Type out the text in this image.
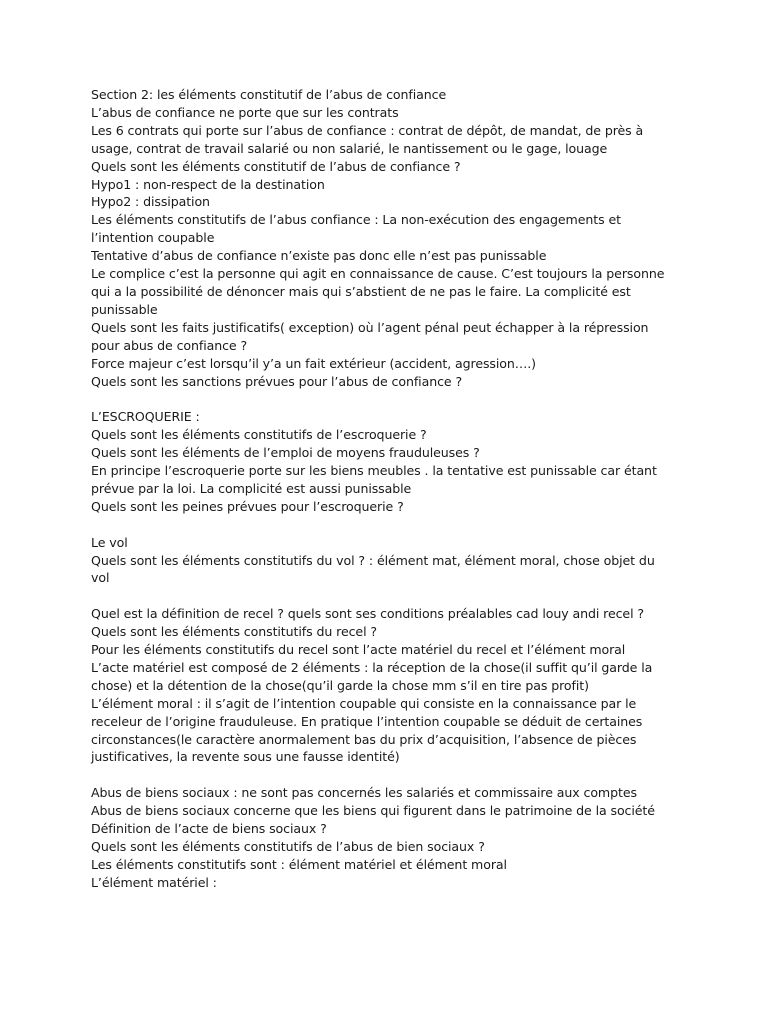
Section 2: les éléments constitutif de l’abus de confiance
L’abus de confiance ne porte que sur les contrats
Les 6 contrats qui porte sur l’abus de confiance : contrat de dépôt, de mandat, de près à
usage, contrat de travail salarié ou non salarié, le nantissement ou le gage, louage
Quels sont les éléments constitutif de l’abus de confiance ?
Hypo1 : non-respect de la destination
Hypo2 : dissipation
Les éléments constitutifs de l’abus confiance : La non-exécution des engagements et
l’intention coupable
Tentative d’abus de confiance n’existe pas donc elle n’est pas punissable
Le complice c’est la personne qui agit en connaissance de cause. C’est toujours la personne
qui a la possibilité de dénoncer mais qui s’abstient de ne pas le faire. La complicité est
punissable
Quels sont les faits justificatifs( exception) où l’agent pénal peut échapper à la répression
pour abus de confiance ?
Force majeur c’est lorsqu’il y’a un fait extérieur (accident, agression….)
Quels sont les sanctions prévues pour l’abus de confiance ?
L’ESCROQUERIE :
Quels sont les éléments constitutifs de l’escroquerie ?
Quels sont les éléments de l’emploi de moyens frauduleuses ?
En principe l’escroquerie porte sur les biens meubles . la tentative est punissable car étant
prévue par la loi. La complicité est aussi punissable
Quels sont les peines prévues pour l’escroquerie ?
Le vol
Quels sont les éléments constitutifs du vol ? : élément mat, élément moral, chose objet du
vol
Quel est la définition de recel ? quels sont ses conditions préalables cad louy andi recel ?
Quels sont les éléments constitutifs du recel ?
Pour les éléments constitutifs du recel sont l’acte matériel du recel et l’élément moral
L’acte matériel est composé de 2 éléments : la réception de la chose(il suffit qu’il garde la
chose) et la détention de la chose(qu’il garde la chose mm s’il en tire pas profit)
L’élément moral : il s’agit de l’intention coupable qui consiste en la connaissance par le
receleur de l’origine frauduleuse. En pratique l’intention coupable se déduit de certaines
circonstances(le caractère anormalement bas du prix d’acquisition, l’absence de pièces
justificatives, la revente sous une fausse identité)
Abus de biens sociaux : ne sont pas concernés les salariés et commissaire aux comptes
Abus de biens sociaux concerne que les biens qui figurent dans le patrimoine de la société
Définition de l’acte de biens sociaux ?
Quels sont les éléments constitutifs de l’abus de bien sociaux ?
Les éléments constitutifs sont : élément matériel et élément moral
L’élément matériel :
